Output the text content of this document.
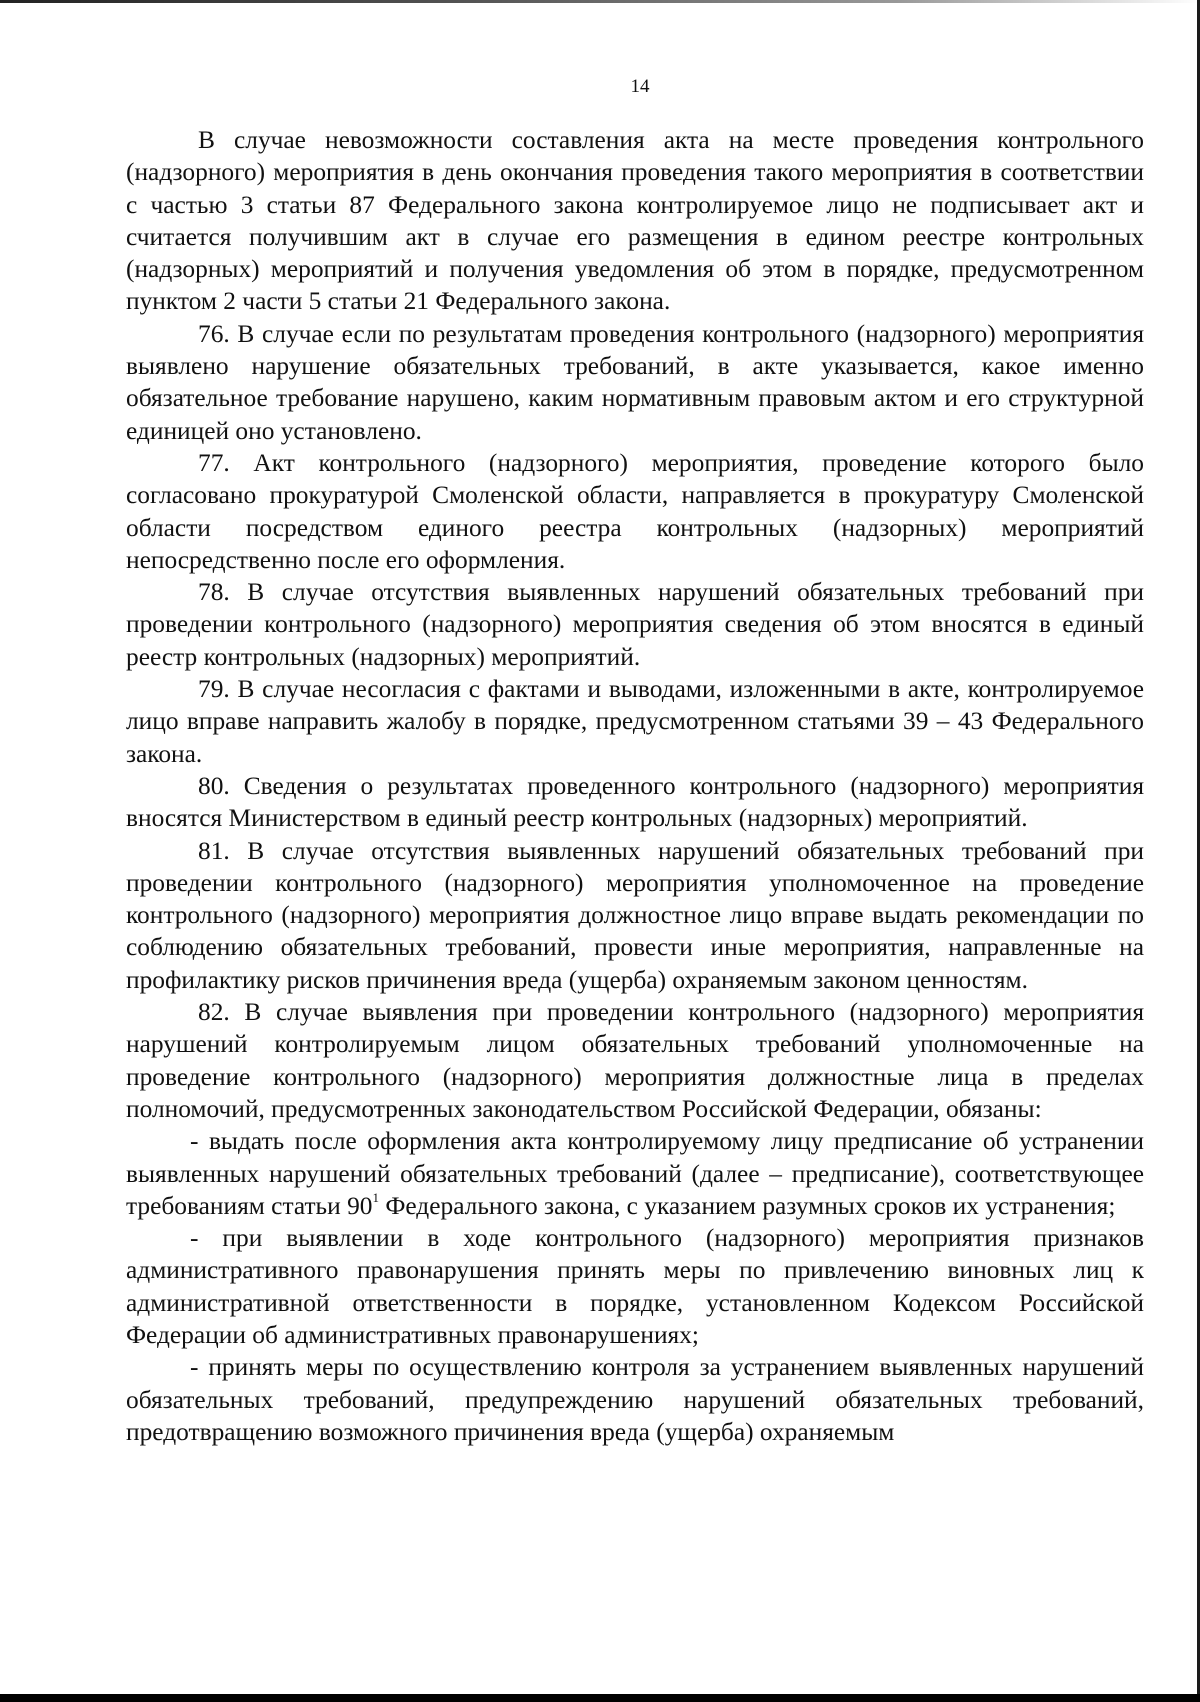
14

В случае невозможности составления акта на месте проведения контрольного (надзорного) мероприятия в день окончания проведения такого мероприятия в соответствии с частью 3 статьи 87 Федерального закона контролируемое лицо не подписывает акт и считается получившим акт в случае его размещения в едином реестре контрольных (надзорных) мероприятий и получения уведомления об этом в порядке, предусмотренном пунктом 2 части 5 статьи 21 Федерального закона.

76. В случае если по результатам проведения контрольного (надзорного) мероприятия выявлено нарушение обязательных требований, в акте указывается, какое именно обязательное требование нарушено, каким нормативным правовым актом и его структурной единицей оно установлено.

77. Акт контрольного (надзорного) мероприятия, проведение которого было согласовано прокуратурой Смоленской области, направляется в прокуратуру Смоленской области посредством единого реестра контрольных (надзорных) мероприятий непосредственно после его оформления.

78. В случае отсутствия выявленных нарушений обязательных требований при проведении контрольного (надзорного) мероприятия сведения об этом вносятся в единый реестр контрольных (надзорных) мероприятий.

79. В случае несогласия с фактами и выводами, изложенными в акте, контролируемое лицо вправе направить жалобу в порядке, предусмотренном статьями 39 – 43 Федерального закона.

80. Сведения о результатах проведенного контрольного (надзорного) мероприятия вносятся Министерством в единый реестр контрольных (надзорных) мероприятий.

81. В случае отсутствия выявленных нарушений обязательных требований при проведении контрольного (надзорного) мероприятия уполномоченное на проведение контрольного (надзорного) мероприятия должностное лицо вправе выдать рекомендации по соблюдению обязательных требований, провести иные мероприятия, направленные на профилактику рисков причинения вреда (ущерба) охраняемым законом ценностям.

82. В случае выявления при проведении контрольного (надзорного) мероприятия нарушений контролируемым лицом обязательных требований уполномоченные на проведение контрольного (надзорного) мероприятия должностные лица в пределах полномочий, предусмотренных законодательством Российской Федерации, обязаны:

- выдать после оформления акта контролируемому лицу предписание об устранении выявленных нарушений обязательных требований (далее – предписание), соответствующее требованиям статьи $90^1$ Федерального закона, с указанием разумных сроков их устранения;

- при выявлении в ходе контрольного (надзорного) мероприятия признаков административного правонарушения принять меры по привлечению виновных лиц к административной ответственности в порядке, установленном Кодексом Российской Федерации об административных правонарушениях;

- принять меры по осуществлению контроля за устранением выявленных нарушений обязательных требований, предупреждению нарушений обязательных требований, предотвращению возможного причинения вреда (ущерба) охраняемым
